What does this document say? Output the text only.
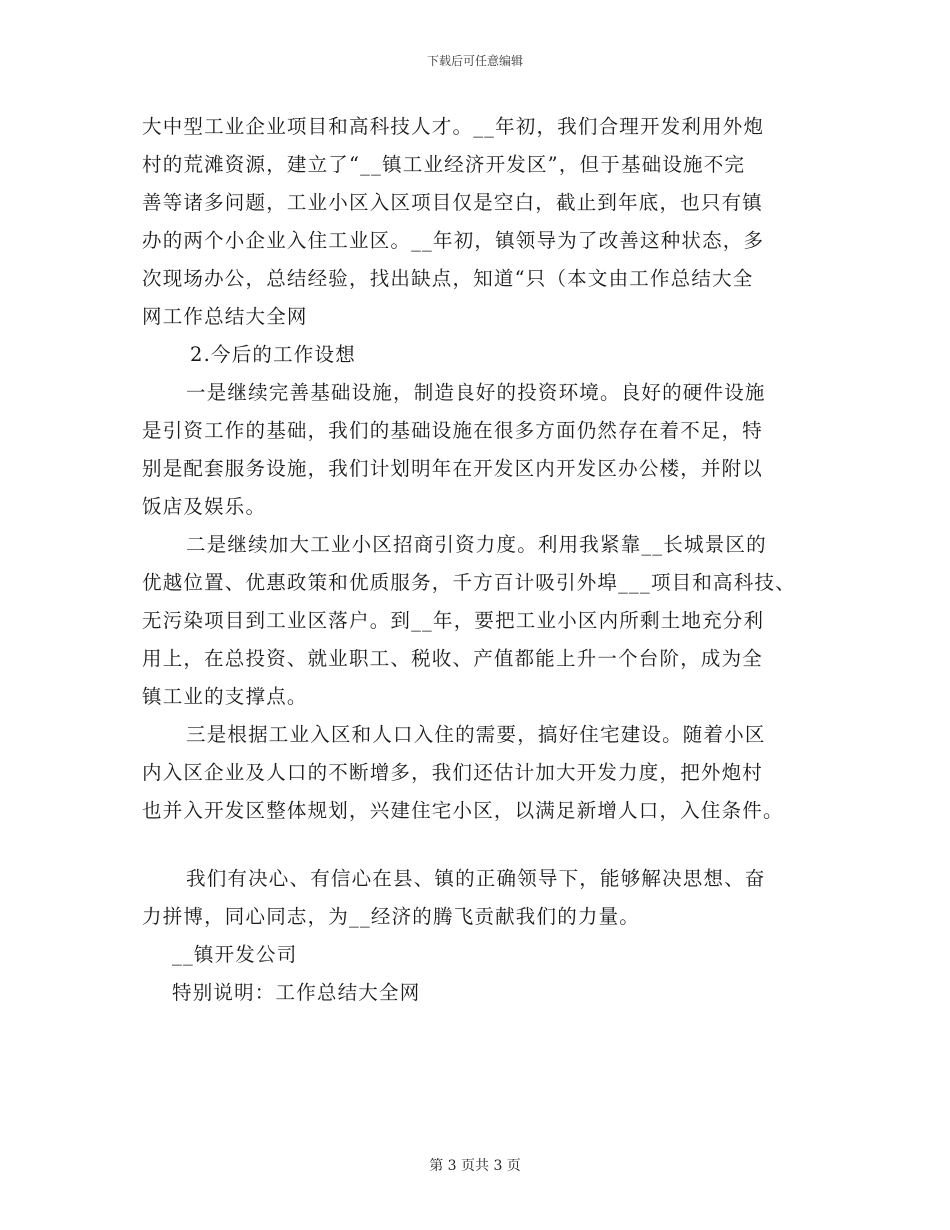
下载后可任意编辑
大中型工业企业项目和高科技人才。__年初，我们合理开发利用外炮
村的荒滩资源，建立了“__镇工业经济开发区”，但于基础设施不完
善等诸多问题，工业小区入区项目仅是空白，截止到年底，也只有镇
办的两个小企业入住工业区。__年初，镇领导为了改善这种状态，多
次现场办公，总结经验，找出缺点，知道“只（本文由工作总结大全
网工作总结大全网
2.今后的工作设想
一是继续完善基础设施，制造良好的投资环境。良好的硬件设施
是引资工作的基础，我们的基础设施在很多方面仍然存在着不足，特
别是配套服务设施，我们计划明年在开发区内开发区办公楼，并附以
饭店及娱乐。
二是继续加大工业小区招商引资力度。利用我紧靠__长城景区的
优越位置、优惠政策和优质服务，千方百计吸引外埠___项目和高科技、
无污染项目到工业区落户。到__年，要把工业小区内所剩土地充分利
用上，在总投资、就业职工、税收、产值都能上升一个台阶，成为全
镇工业的支撑点。
三是根据工业入区和人口入住的需要，搞好住宅建设。随着小区
内入区企业及人口的不断增多，我们还估计加大开发力度，把外炮村
也并入开发区整体规划，兴建住宅小区，以满足新增人口，入住条件。
我们有决心、有信心在县、镇的正确领导下，能够解决思想、奋
力拼博，同心同志，为__经济的腾飞贡献我们的力量。
__镇开发公司
特别说明：工作总结大全网
第 3 页共 3 页
